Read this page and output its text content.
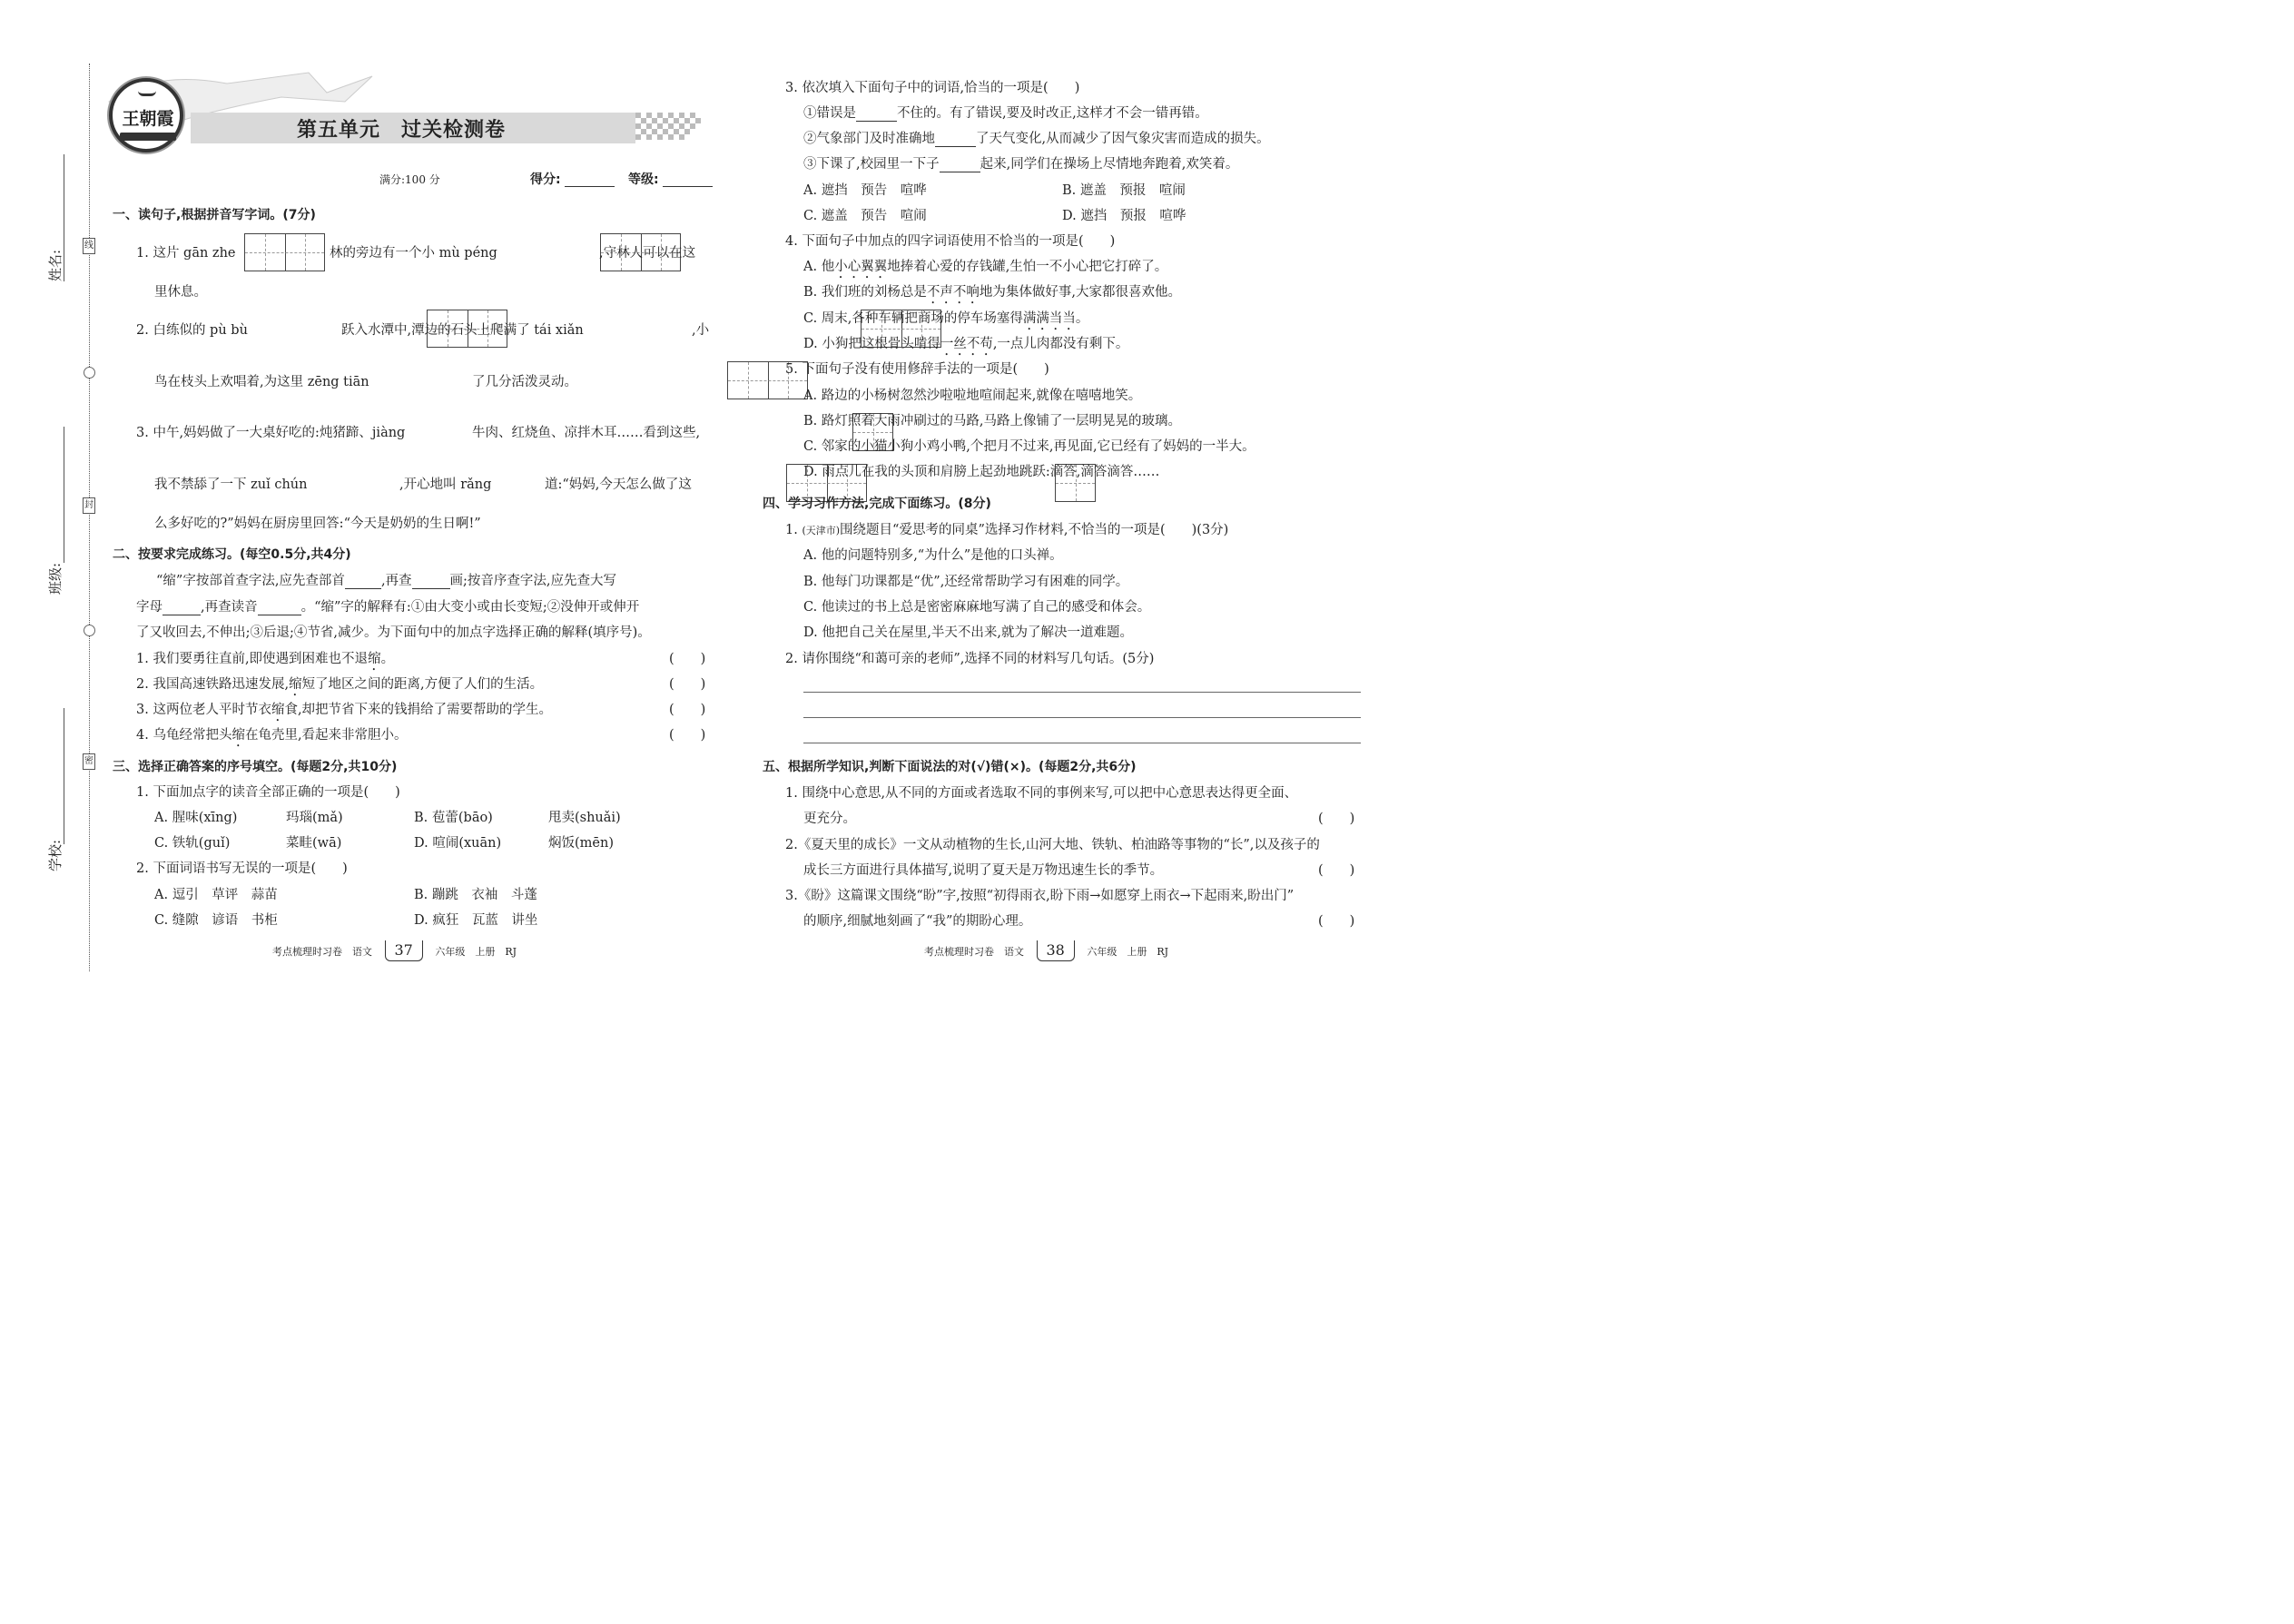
线
封
密
姓名:
班级:
学校:
王朝霞	第五单元　过关检测卷
满分:100 分	得分:	等级:
一、读句子,根据拼音写字词。(7分)
1. 这片 gān zhe
	林的旁边有一个小 mù péng
	,守林人可以在这
里休息。
2. 白练似的 pù bù
	跃入水潭中,潭边的石头上爬满了 tái xiǎn
	,小
鸟在枝头上欢唱着,为这里 zēng tiān
	了几分活泼灵动。
3. 中午,妈妈做了一大桌好吃的:炖猪蹄、jiàng
	牛肉、红烧鱼、凉拌木耳……看到这些,
我不禁舔了一下 zuǐ chún
	,开心地叫 rǎng	道:“妈妈,今天怎么做了这
么多好吃的?”妈妈在厨房里回答:“今天是奶奶的生日啊!”
二、按要求完成练习。(每空0.5分,共4分)
“缩”字按部首查字法,应先查部首	,再查	画;按音序查字法,应先查大写
字母	,再查读音	。“缩”字的解释有:①由大变小或由长变短;②没伸开或伸开
了又收回去,不伸出;③后退;④节省,减少。为下面句中的加点字选择正确的解释(填序号)。
1. 我们要勇往直前,即使遇到困难也不退缩。	(　　)
2. 我国高速铁路迅速发展,缩短了地区之间的距离,方便了人们的生活。	(　　)
3. 这两位老人平时节衣缩食,却把节省下来的钱捐给了需要帮助的学生。	(　　)
4. 乌龟经常把头缩在龟壳里,看起来非常胆小。	(　　)
三、选择正确答案的序号填空。(每题2分,共10分)
1. 下面加点字的读音全部正确的一项是(　　)
A. 腥味(xīng)	玛瑙(mǎ)	B. 苞蕾(bāo)	甩卖(shuǎi)
C. 铁轨(guǐ)	菜畦(wā)	D. 喧闹(xuān)	焖饭(mēn)
2. 下面词语书写无误的一项是(　　)
A. 逗引　草评　蒜苗	B. 蹦跳　衣袖　斗蓬
C. 缝隙　谚语　书柜	D. 疯狂　瓦蓝　讲坐
考点梳理时习卷　语文 37 六年级　上册　RJ
3. 依次填入下面句子中的词语,恰当的一项是(　　)
①错误是	不住的。有了错误,要及时改正,这样才不会一错再错。
②气象部门及时准确地	了天气变化,从而减少了因气象灾害而造成的损失。
③下课了,校园里一下子	起来,同学们在操场上尽情地奔跑着,欢笑着。
A. 遮挡　预告　喧哗	B. 遮盖　预报　喧闹
C. 遮盖　预告　喧闹	D. 遮挡　预报　喧哗
4. 下面句子中加点的四字词语使用不恰当的一项是(　　)
A. 他小心翼翼地捧着心爱的存钱罐,生怕一不小心把它打碎了。
B. 我们班的刘杨总是不声不响地为集体做好事,大家都很喜欢他。
C. 周末,各种车辆把商场的停车场塞得满满当当。
D. 小狗把这根骨头啃得一丝不苟,一点儿肉都没有剩下。
5. 下面句子没有使用修辞手法的一项是(　　)
A. 路边的小杨树忽然沙啦啦地喧闹起来,就像在嘻嘻地笑。
B. 路灯照着大雨冲刷过的马路,马路上像铺了一层明晃晃的玻璃。
C. 邻家的小猫小狗小鸡小鸭,个把月不过来,再见面,它已经有了妈妈的一半大。
D. 雨点儿在我的头顶和肩膀上起劲地跳跃:滴答,滴答滴答……
四、学习习作方法,完成下面练习。(8分)
1. (天津市)围绕题目“爱思考的同桌”选择习作材料,不恰当的一项是(　　)(3分)
A. 他的问题特别多,“为什么”是他的口头禅。
B. 他每门功课都是“优”,还经常帮助学习有困难的同学。
C. 他读过的书上总是密密麻麻地写满了自己的感受和体会。
D. 他把自己关在屋里,半天不出来,就为了解决一道难题。
2. 请你围绕“和蔼可亲的老师”,选择不同的材料写几句话。(5分)
五、根据所学知识,判断下面说法的对(√)错(×)。(每题2分,共6分)
1. 围绕中心意思,从不同的方面或者选取不同的事例来写,可以把中心意思表达得更全面、
更充分。	(　　)
2.《夏天里的成长》一文从动植物的生长,山河大地、铁轨、柏油路等事物的“长”,以及孩子的
成长三方面进行具体描写,说明了夏天是万物迅速生长的季节。	(　　)
3.《盼》这篇课文围绕“盼”字,按照“初得雨衣,盼下雨→如愿穿上雨衣→下起雨来,盼出门”
的顺序,细腻地刻画了“我”的期盼心理。	(　　)
考点梳理时习卷　语文 38 六年级　上册　RJ
